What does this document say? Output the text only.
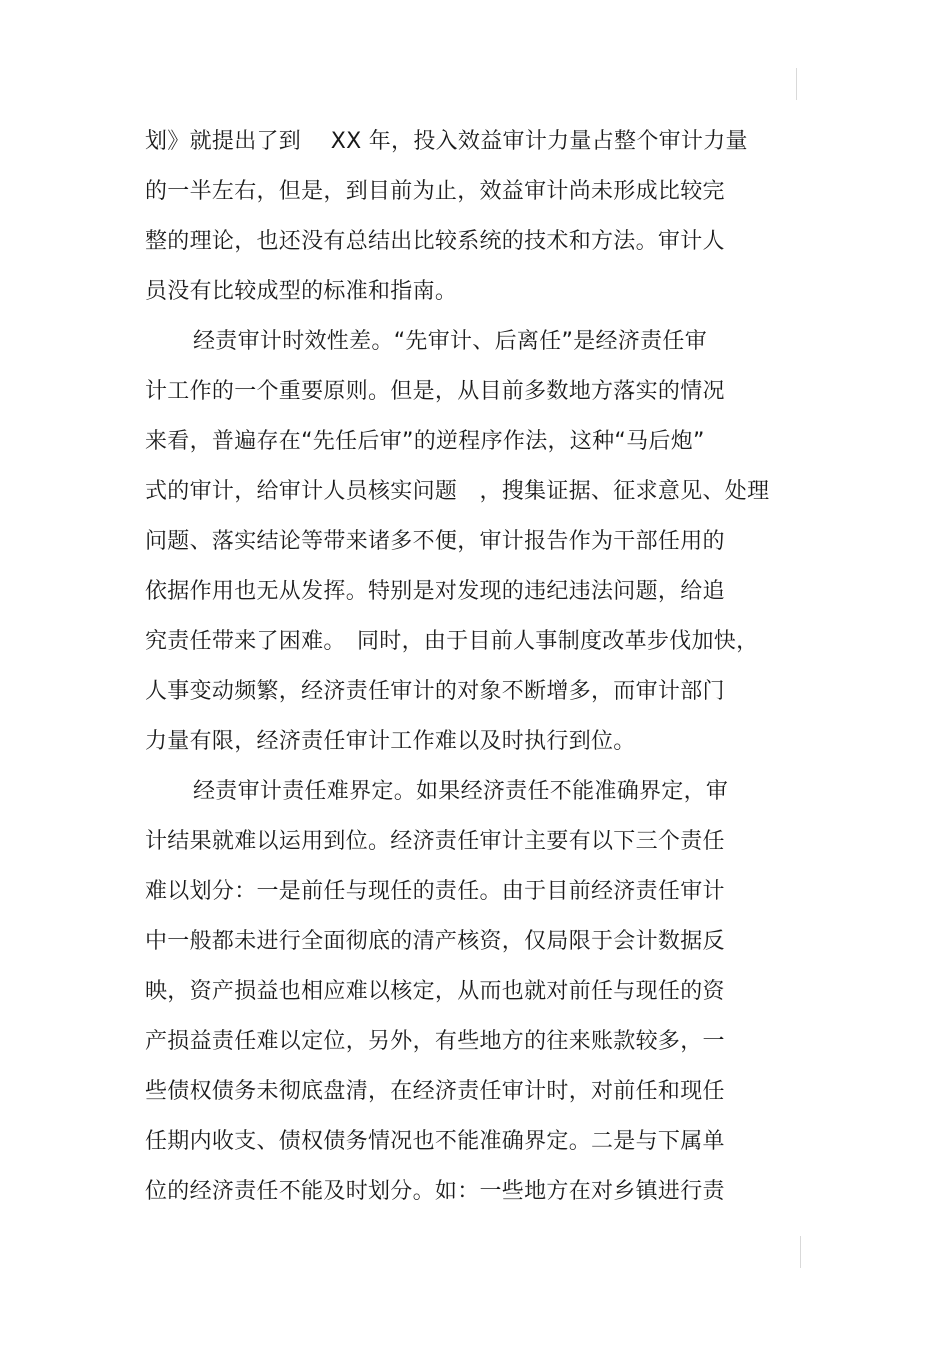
划》就提出了到　 XX 年，投入效益审计力量占整个审计力量
的一半左右，但是，到目前为止，效益审计尚未形成比较完
整的理论，也还没有总结出比较系统的技术和方法。审计人
员没有比较成型的标准和指南。
经责审计时效性差。“先审计、后离任”是经济责任审
计工作的一个重要原则。但是，从目前多数地方落实的情况
来看，普遍存在“先任后审”的逆程序作法，这种“马后炮”
式的审计，给审计人员核实问题　，搜集证据、征求意见、处理
问题、落实结论等带来诸多不便，审计报告作为干部任用的
依据作用也无从发挥。特别是对发现的违纪违法问题，给追
究责任带来了困难。　同时，由于目前人事制度改革步伐加快，
人事变动频繁，经济责任审计的对象不断增多，而审计部门
力量有限，经济责任审计工作难以及时执行到位。
经责审计责任难界定。如果经济责任不能准确界定，审
计结果就难以运用到位。经济责任审计主要有以下三个责任
难以划分：一是前任与现任的责任。由于目前经济责任审计
中一般都未进行全面彻底的清产核资，仅局限于会计数据反
映，资产损益也相应难以核定，从而也就对前任与现任的资
产损益责任难以定位，另外，有些地方的往来账款较多，一
些债权债务未彻底盘清，在经济责任审计时，对前任和现任
任期内收支、债权债务情况也不能准确界定。二是与下属单
位的经济责任不能及时划分。如：一些地方在对乡镇进行责
